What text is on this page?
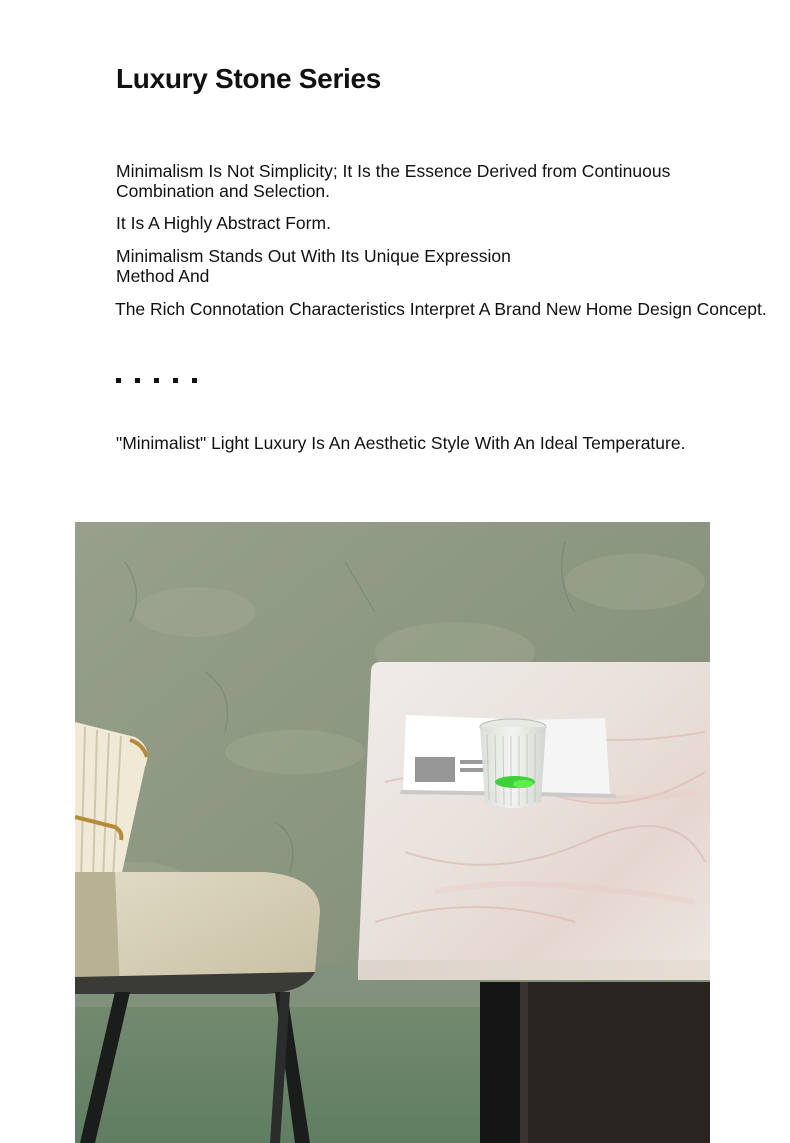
Luxury Stone Series

Minimalism Is Not Simplicity; It Is the Essence Derived from Continuous Combination and Selection.

It Is A Highly Abstract Form.

Minimalism Stands Out With Its Unique Expression Method And

The Rich Connotation Characteristics Interpret A Brand New Home Design Concept.

"Minimalist" Light Luxury Is An Aesthetic Style With An Ideal Temperature.
